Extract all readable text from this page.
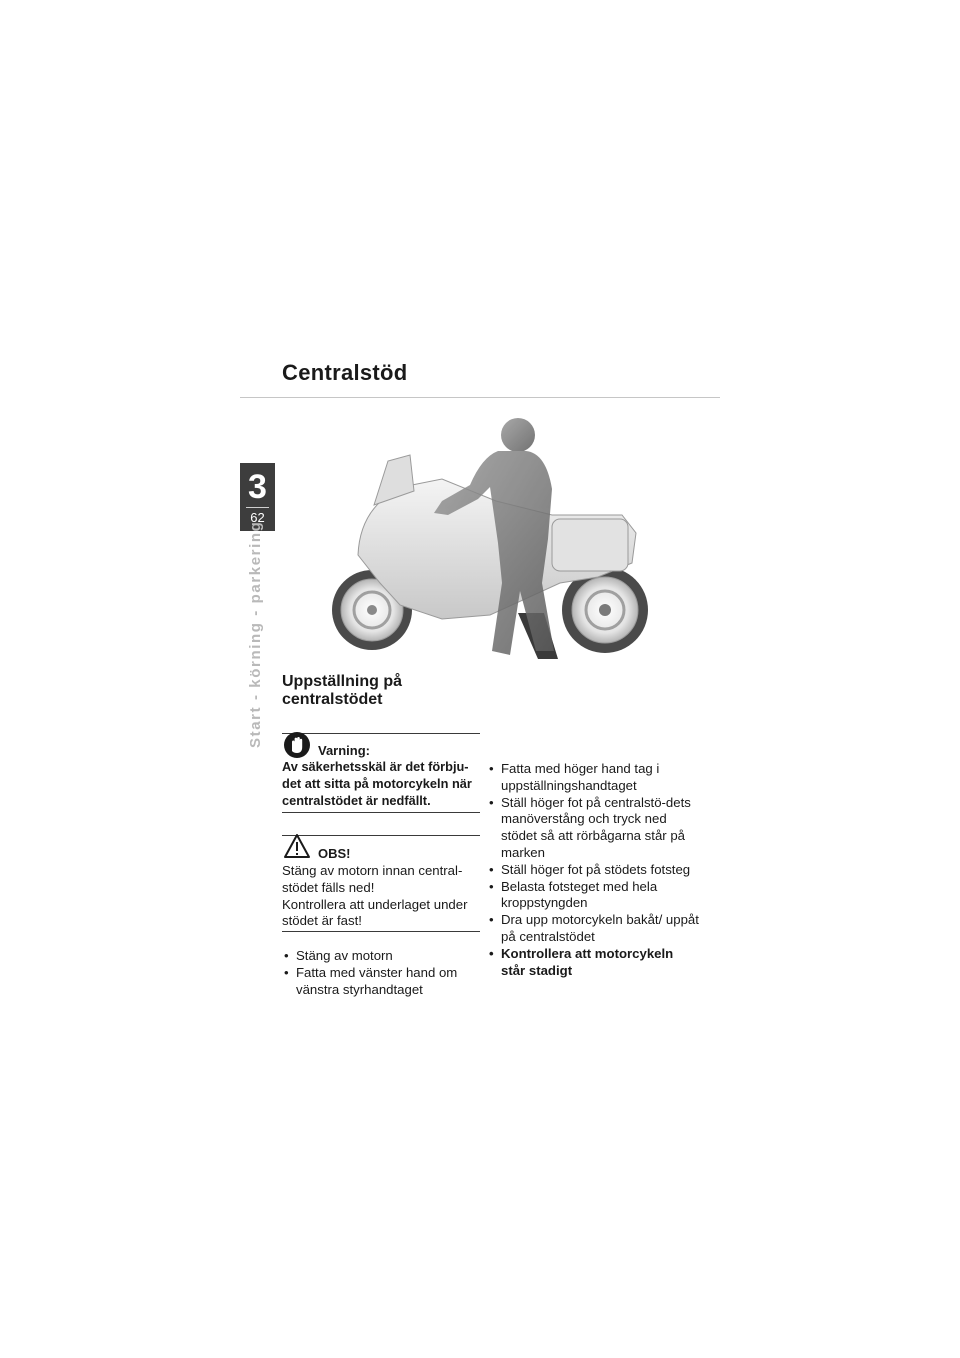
3
62
Start - körning - parkering
Centralstöd
Uppställning på centralstödet
Varning:
Av säkerhetsskäl är det förbju-det att sitta på motorcykeln när centralstödet är nedfällt.
OBS!
Stäng av motorn innan central-stödet fälls ned!
Kontrollera att underlaget under stödet är fast!
• Stäng av motorn
• Fatta med vänster hand om vänstra styrhandtaget
• Fatta med höger hand tag i uppställningshandtaget
• Ställ höger fot på centralstö-dets manöverstång och tryck ned stödet så att rörbågarna står på marken
• Ställ höger fot på stödets fotsteg
• Belasta fotsteget med hela kroppstyngden
• Dra upp motorcykeln bakåt/ uppåt på centralstödet
• Kontrollera att motorcykeln står stadigt
